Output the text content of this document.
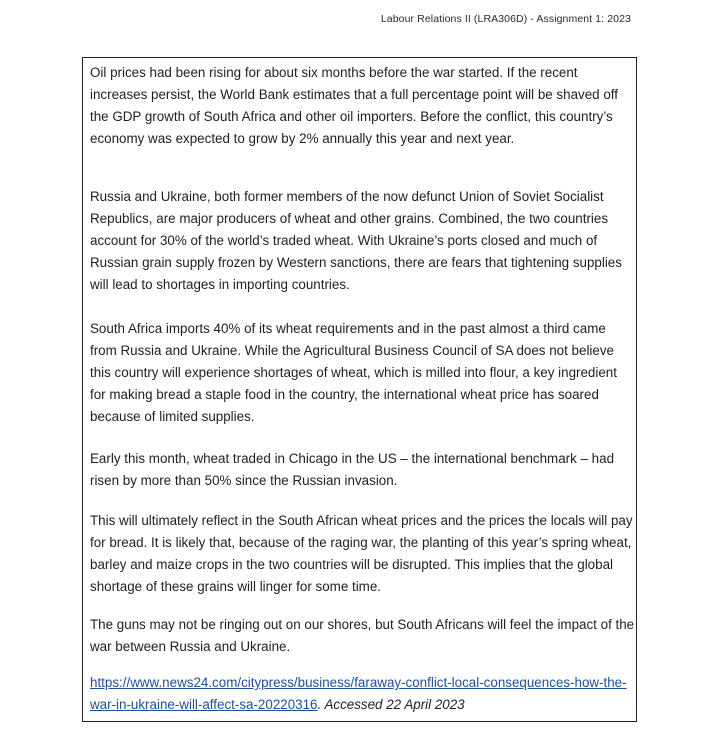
Labour Relations II (LRA306D) - Assignment 1: 2023

Oil prices had been rising for about six months before the war started. If the recent increases persist, the World Bank estimates that a full percentage point will be shaved off the GDP growth of South Africa and other oil importers. Before the conflict, this country’s economy was expected to grow by 2% annually this year and next year.

Russia and Ukraine, both former members of the now defunct Union of Soviet Socialist Republics, are major producers of wheat and other grains. Combined, the two countries account for 30% of the world’s traded wheat. With Ukraine’s ports closed and much of Russian grain supply frozen by Western sanctions, there are fears that tightening supplies will lead to shortages in importing countries.

South Africa imports 40% of its wheat requirements and in the past almost a third came from Russia and Ukraine. While the Agricultural Business Council of SA does not believe this country will experience shortages of wheat, which is milled into flour, a key ingredient for making bread a staple food in the country, the international wheat price has soared because of limited supplies.

Early this month, wheat traded in Chicago in the US – the international benchmark – had risen by more than 50% since the Russian invasion.

This will ultimately reflect in the South African wheat prices and the prices the locals will pay for bread. It is likely that, because of the raging war, the planting of this year’s spring wheat, barley and maize crops in the two countries will be disrupted. This implies that the global shortage of these grains will linger for some time.

The guns may not be ringing out on our shores, but South Africans will feel the impact of the war between Russia and Ukraine.

https://www.news24.com/citypress/business/faraway-conflict-local-consequences-how-the-war-in-ukraine-will-affect-sa-20220316. Accessed 22 April 2023
